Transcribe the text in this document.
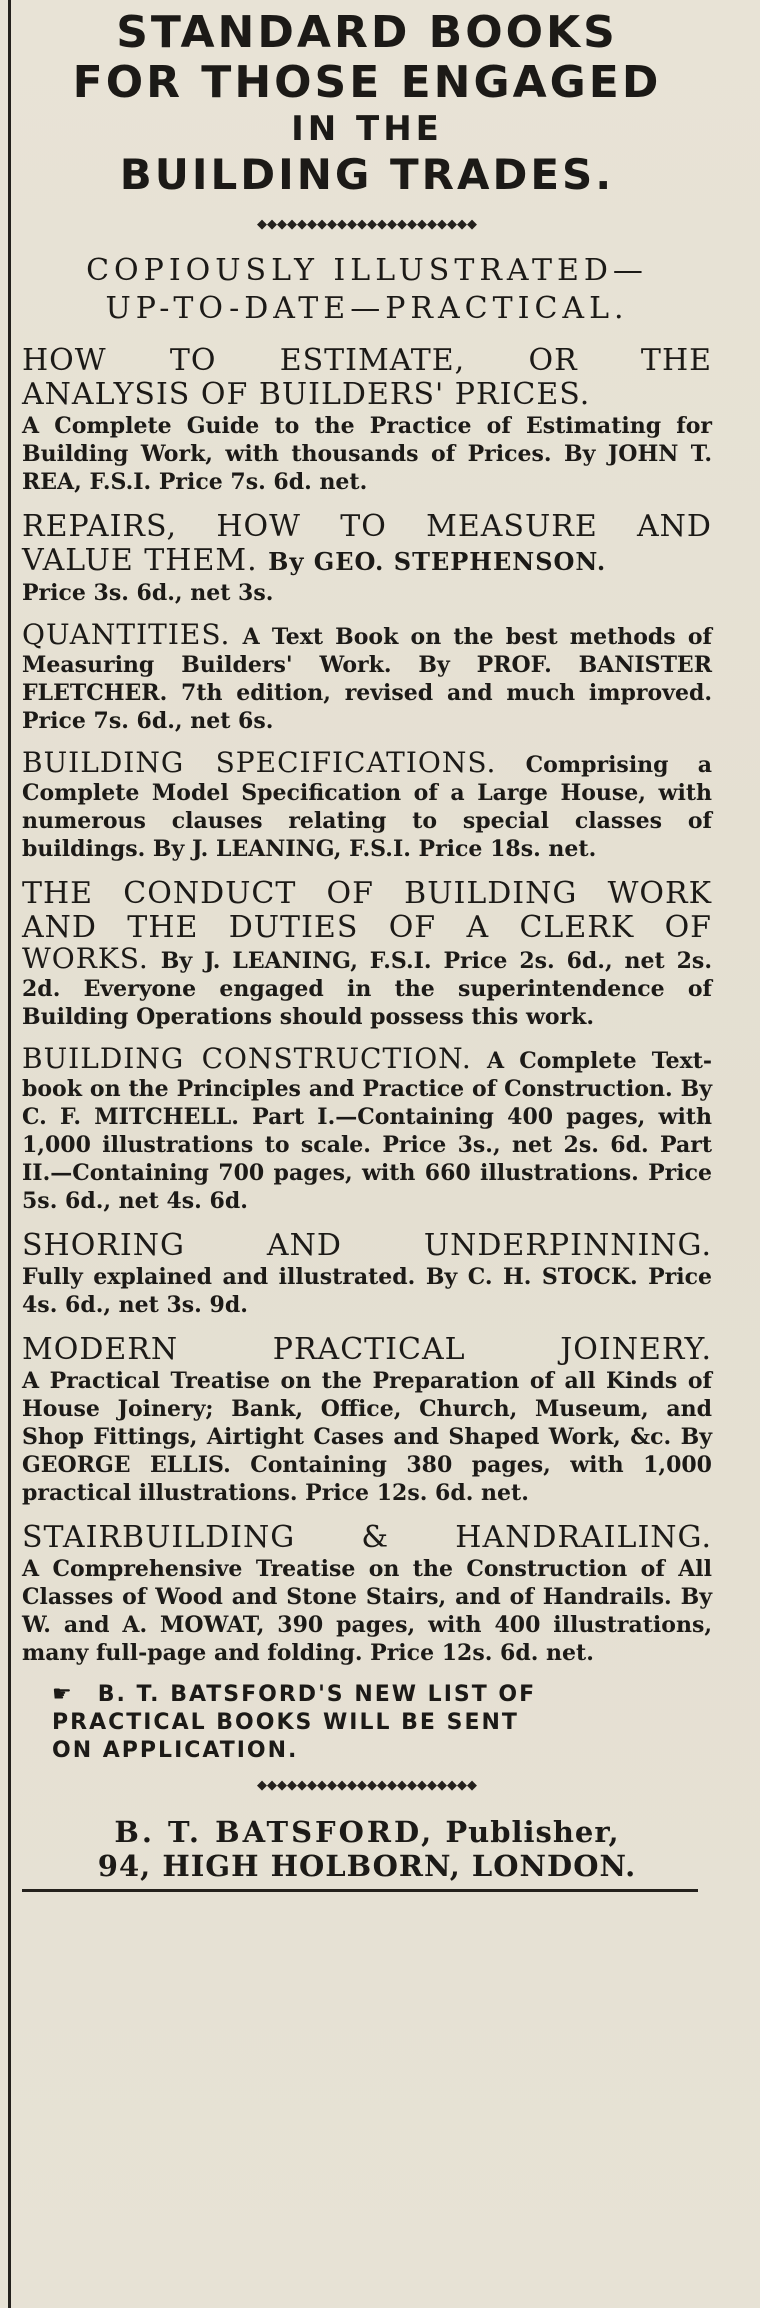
STANDARD BOOKS

FOR THOSE ENGAGED

IN THE

BUILDING TRADES.

◆◆◆◆◆◆◆◆◆◆◆◆◆◆◆◆◆◆◆◆◆◆

COPIOUSLY ILLUSTRATED—

UP-TO-DATE—PRACTICAL.

HOW TO ESTIMATE, OR THE

ANALYSIS OF BUILDERS' PRICES.

A Complete Guide to the Practice of Estimating for Building Work, with thousands of Prices. By JOHN T. REA, F.S.I. Price 7s. 6d. net.

REPAIRS, HOW TO MEASURE AND

VALUE THEM. By GEO. STEPHENSON.

Price 3s. 6d., net 3s.

QUANTITIES. A Text Book on the best methods of Measuring Builders' Work. By PROF. BANISTER FLETCHER. 7th edition, revised and much improved. Price 7s. 6d., net 6s.

BUILDING SPECIFICATIONS. Comprising a Complete Model Specification of a Large House, with numerous clauses relating to special classes of buildings. By J. LEANING, F.S.I. Price 18s. net.

THE CONDUCT OF BUILDING WORK

AND THE DUTIES OF A CLERK OF

WORKS. By J. LEANING, F.S.I. Price 2s. 6d., net 2s. 2d. Everyone engaged in the superintendence of Building Operations should possess this work.

BUILDING CONSTRUCTION. A Complete Text-book on the Principles and Practice of Construction. By C. F. MITCHELL. Part I.—Containing 400 pages, with 1,000 illustrations to scale. Price 3s., net 2s. 6d. Part II.—Containing 700 pages, with 660 illustrations. Price 5s. 6d., net 4s. 6d.

SHORING AND UNDERPINNING.

Fully explained and illustrated. By C. H. STOCK. Price 4s. 6d., net 3s. 9d.

MODERN PRACTICAL JOINERY.

A Practical Treatise on the Preparation of all Kinds of House Joinery; Bank, Office, Church, Museum, and Shop Fittings, Airtight Cases and Shaped Work, &c. By GEORGE ELLIS. Containing 380 pages, with 1,000 practical illustrations. Price 12s. 6d. net.

STAIRBUILDING & HANDRAILING.

A Comprehensive Treatise on the Construction of All Classes of Wood and Stone Stairs, and of Handrails. By W. and A. MOWAT, 390 pages, with 400 illustrations, many full-page and folding. Price 12s. 6d. net.

☛ B. T. BATSFORD'S NEW LIST OF
PRACTICAL BOOKS WILL BE SENT
ON APPLICATION.
◆◆◆◆◆◆◆◆◆◆◆◆◆◆◆◆◆◆◆◆◆◆

B. T. BATSFORD, Publisher,

94, HIGH HOLBORN, LONDON.
